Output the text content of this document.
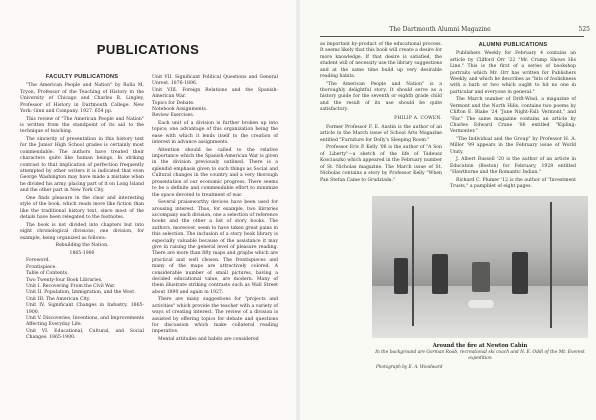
PUBLICATIONS
FACULTY PUBLICATIONS

"The American People and Nation" by Rolla M. Tryon, Professor of the Teaching of History in the University of Chicago and Charles R. Lingley, Professor of History in Dartmouth College. New York: Ginn and Company. 1927. 654 pp.

This review of "The American People and Nation" is written from the standpoint of its aid to the technique of teaching.

The sincerity of presentation in this history text for the Junior High School grades is certainly most commendable. The authors have treated their characters quite like human beings. In striking contrast to that implication of perfection frequently attempted by other writers it is indicated that even George Washington may have made a mistake when he divided his army, placing part of it on Long Island and the other part in New York City.

One finds pleasure in the clear and interesting style of the book, which reads more like fiction than like the traditional history text, since most of the details have been relegated to the footnotes.

The book is not divided into chapters but into eight chronological divisions; one division, for example, being organized as follows:

Rebuilding the Nation.

1865-1900

Foreword.
Frontispiece.
Table of Contents.
Two Twenty-four Book Libraries.
Unit I. Recovering From the Civil War.
Unit II. Population, Immigration, and the West.
Unit III. The American City.
Unit IV. Significant Changes in Industry. 1865-1900.
Unit V. Discoveries, Inventions, and Improvements Affecting Everyday Life.
Unit VI. Educational, Cultural, and Social Changes. 1865-1900.
Unit VII. Significant Political Questions and General Unrest. 1876-1896.
Unit VIII. Foreign Relations and the Spanish-American War.
Topics for Debate.
Notebook Assignments.
Review Exercises.

Each unit of a division is further broken up into topics; one advantage of this organization being the ease with which it lends itself to the creation of interest in advance assignments.

Attention should be called to the relative importance which the Spanish-American War is given in the division previously outlined. There is a splendid emphasis given to such things as Social and Cultural changes in the country and a very thorough presentation of our economic progress. There seems to be a definite and commendable effort to minimize the space devoted to treatment of war.

Several praiseworthy devices have been used for arousing interest. Thus, for example, two libraries accompany each division, one a selection of reference books and the other a list of story books. The authors, moreover, seem to have taken great pains in this selection. The inclusion of a story book library is especially valuable because of the assistance it may give in raising the general level of pleasure reading. There are more than fifty maps and graphs which are practical and well chosen. The frontispieces and many of the maps are attractively colored. A considerable number of small pictures, having a decided educational value, are modern. Many of them illustrate striking contrasts such as Wall Street about 1890 and again in 1927.

There are many suggestions for "projects and activities" which provide the teacher with a variety of ways of creating interest. The review of a division is assisted by offering topics for debate and questions for discussion which make collateral reading imperative.

Mental attitudes and habits are considered

The Dartmouth Alumni Magazine	525

as important by-product of the educational process. It seems likely that this book will create a desire for more knowledge. If that desire is satisfied, the student will of necessity use the library suggestions and at the same time build up very desirable reading habits.

"The American People and Nation" is a thoroughly delightful story. It should serve as a history guide for the seventh or eighth grade child and the result of its use should be quite satisfactory.

PHILIP A. COWEN.

Former Professor F. E. Austin is the author of an article in the March issue of School Arts Magazine entitled "Furniture for Dolly's Sleeping Room."

Professor Eric P. Kelly '06 is the author of "A Son of Liberty"—a sketch of the life of Tadeusz Kosciuszko which appeared in the February number of St. Nicholas magazine. The March issue of St. Nicholas contains a story by Professor Kelly "When Pan Stefan Came to Grudziada."

ALUMNI PUBLICATIONS

Publishers Weekly for February 4 contains an article by Clifford Orr '22 "Mr. Crump Shows His Line." This is the first of a series of bookshop portraits which Mr. Orr has written for Publishers Weekly, and which he describes as "bits of foolishness with a barb or two which ought to hit no one in particular and everyone in general."

The March number of Drift-Wind, a magazine of Vermont and the North Hills, contains two poems by Clifton E. Blake '24 "June Night-Fall: Vermont," and "Far." The same magazine contains an article by Charles Edward Crane '06 entitled "Kipling: Vermonter."

"The Individual and the Group" by Professor H. A. Miller '99 appears in the February issue of World Unity.

J. Albert Russell '20 is the author of an article in Education (Boston) for February, 1928 entitled "Hawthorne and the Romantic Indian."

Richard C. Plumer '12 is the author of "Investment Trusts," a pamphlet of eight pages.

Around the fire at Newton Cabin
In the background are Gorman Roab, recreational ski coach and N. E. Oddi of the Mt. Everest expedition
Photograph by E. A. Woodward
